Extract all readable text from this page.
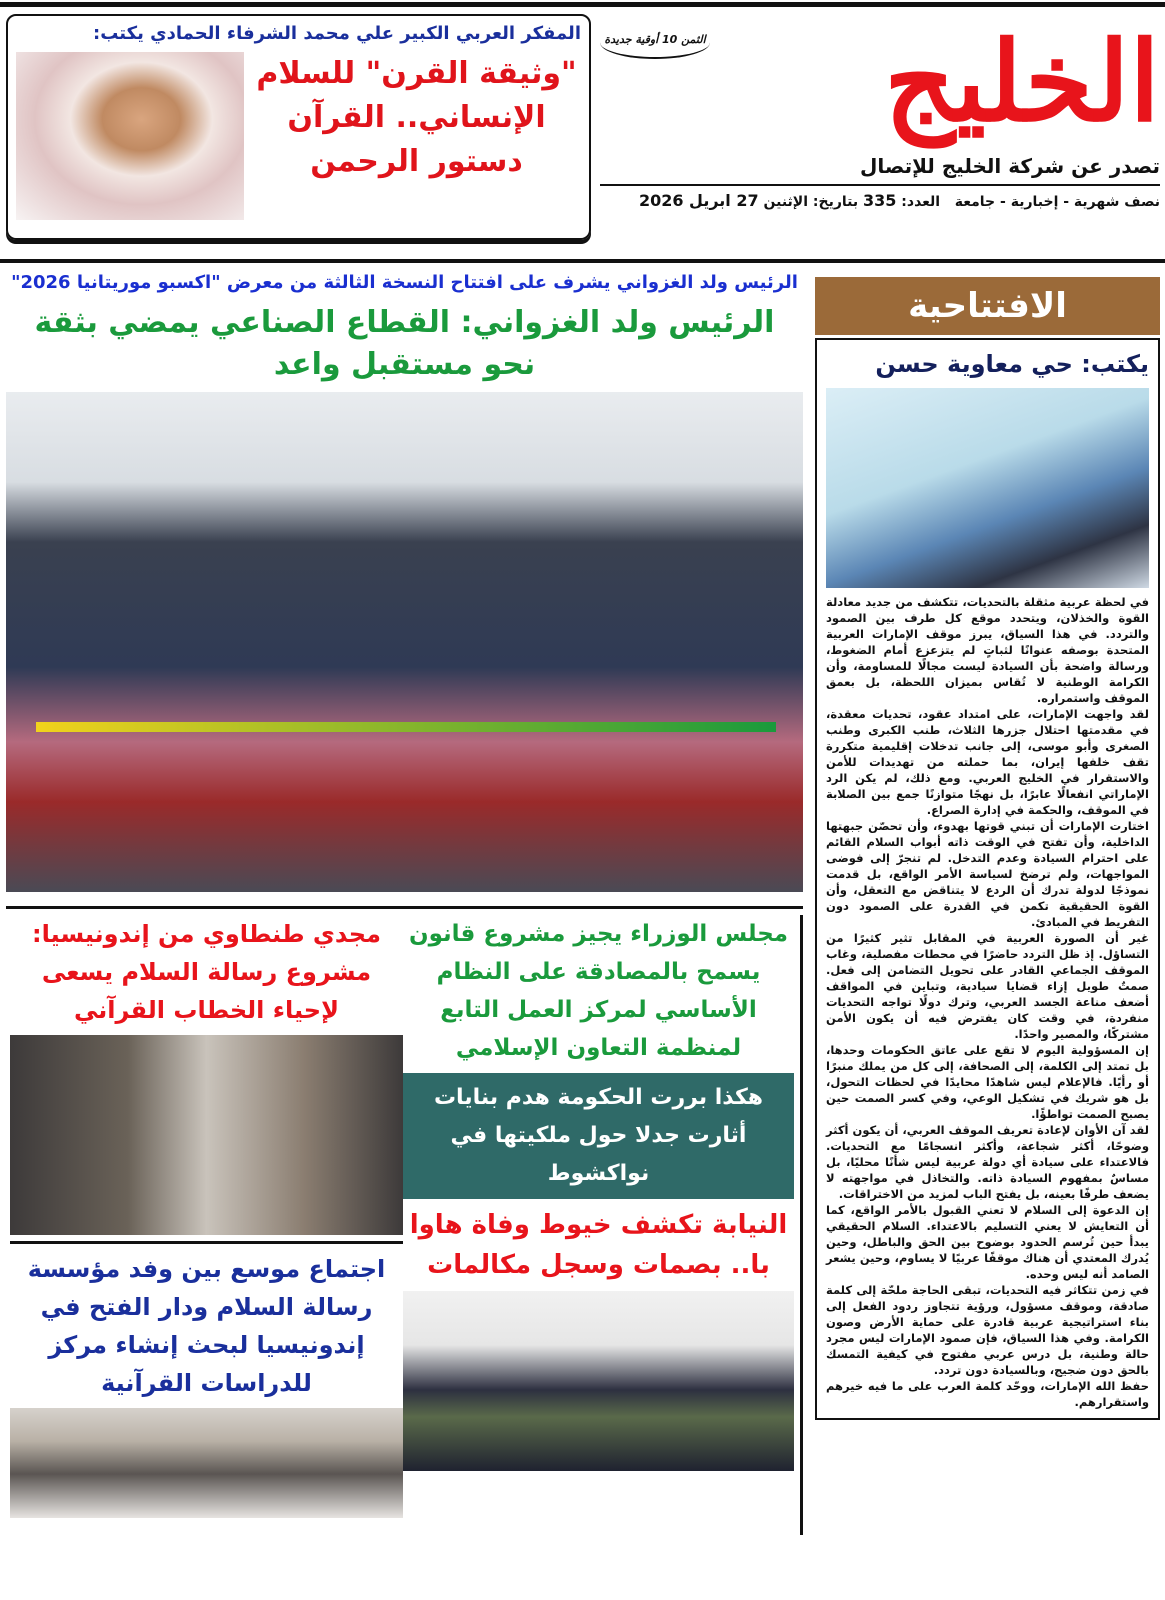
المفكر العربي الكبير علي محمد الشرفاء الحمادي يكتب:
"وثيقة القرن" للسلام الإنساني.. القرآن دستور الرحمن
الخليج
الثمن 10 أوقية جديدة
تصدر عن شركة الخليج للإتصال
نصف شهرية - إخبارية - جامعة   العدد: 335 بتاريخ: الإثنين 27 ابريل 2026
الرئيس ولد الغزواني يشرف على افتتاح النسخة الثالثة من معرض "اكسبو موريتانيا 2026"
الرئيس ولد الغزواني: القطاع الصناعي يمضي بثقة نحو مستقبل واعد
مجلس الوزراء يجيز مشروع قانون يسمح بالمصادقة على النظام الأساسي لمركز العمل التابع لمنظمة التعاون الإسلامي
هكذا بررت الحكومة هدم بنايات أثارت جدلا حول ملكيتها في نواكشوط
النيابة تكشف خيوط وفاة هاوا با.. بصمات وسجل مكالمات
مجدي طنطاوي من إندونيسيا: مشروع رسالة السلام يسعى لإحياء الخطاب القرآني
اجتماع موسع بين وفد مؤسسة رسالة السلام ودار الفتح في إندونيسيا لبحث إنشاء مركز للدراسات القرآنية
الافتتاحية
يكتب: حي معاوية حسن

في لحظة عربية مثقلة بالتحديات، تتكشف من جديد معادلة القوة والخذلان، ويتحدد موقع كل طرف بين الصمود والتردد. في هذا السياق، يبرز موقف الإمارات العربية المتحدة بوصفه عنوانًا لثباتٍ لم يتزعزع أمام الضغوط، ورسالة واضحة بأن السيادة ليست مجالًا للمساومة، وأن الكرامة الوطنية لا تُقاس بميزان اللحظة، بل بعمق الموقف واستمراره.

لقد واجهت الإمارات، على امتداد عقود، تحديات معقدة، في مقدمتها احتلال جزرها الثلاث، طنب الكبرى وطنب الصغرى وأبو موسى، إلى جانب تدخلات إقليمية متكررة تقف خلفها إيران، بما حملته من تهديدات للأمن والاستقرار في الخليج العربي. ومع ذلك، لم يكن الرد الإماراتي انفعالًا عابرًا، بل نهجًا متوازنًا جمع بين الصلابة في الموقف، والحكمة في إدارة الصراع.

اختارت الإمارات أن تبني قوتها بهدوء، وأن تحصّن جبهتها الداخلية، وأن تفتح في الوقت ذاته أبواب السلام القائم على احترام السيادة وعدم التدخل. لم تنجرّ إلى فوضى المواجهات، ولم ترضخ لسياسة الأمر الواقع، بل قدمت نموذجًا لدولة تدرك أن الردع لا يتناقض مع التعقل، وأن القوة الحقيقية تكمن في القدرة على الصمود دون التفريط في المبادئ.

غير أن الصورة العربية في المقابل تثير كثيرًا من التساؤل. إذ ظل التردد حاضرًا في محطات مفصلية، وغاب الموقف الجماعي القادر على تحويل التضامن إلى فعل. صمتٌ طويل إزاء قضايا سيادية، وتباين في المواقف أضعف مناعة الجسد العربي، وترك دولًا تواجه التحديات منفردة، في وقت كان يفترض فيه أن يكون الأمن مشتركًا، والمصير واحدًا.

إن المسؤولية اليوم لا تقع على عاتق الحكومات وحدها، بل تمتد إلى الكلمة، إلى الصحافة، إلى كل من يملك منبرًا أو رأيًا. فالإعلام ليس شاهدًا محايدًا في لحظات التحول، بل هو شريك في تشكيل الوعي، وفي كسر الصمت حين يصبح الصمت تواطؤًا.

لقد آن الأوان لإعادة تعريف الموقف العربي، أن يكون أكثر وضوحًا، أكثر شجاعة، وأكثر انسجامًا مع التحديات. فالاعتداء على سيادة أي دولة عربية ليس شأنًا محليًا، بل مساسٌ بمفهوم السيادة ذاته. والتخاذل في مواجهته لا يضعف طرفًا بعينه، بل يفتح الباب لمزيد من الاختراقات.

إن الدعوة إلى السلام لا تعني القبول بالأمر الواقع، كما أن التعايش لا يعني التسليم بالاعتداء. السلام الحقيقي يبدأ حين تُرسم الحدود بوضوح بين الحق والباطل، وحين يُدرك المعتدي أن هناك موقفًا عربيًا لا يساوم، وحين يشعر الصامد أنه ليس وحده.

في زمن تتكاثر فيه التحديات، تبقى الحاجة ملحّة إلى كلمة صادقة، وموقف مسؤول، ورؤية تتجاوز ردود الفعل إلى بناء استراتيجية عربية قادرة على حماية الأرض وصون الكرامة. وفي هذا السياق، فإن صمود الإمارات ليس مجرد حالة وطنية، بل درس عربي مفتوح في كيفية التمسك بالحق دون ضجيج، وبالسيادة دون تردد.

حفظ الله الإمارات، ووحّد كلمة العرب على ما فيه خيرهم واستقرارهم.
